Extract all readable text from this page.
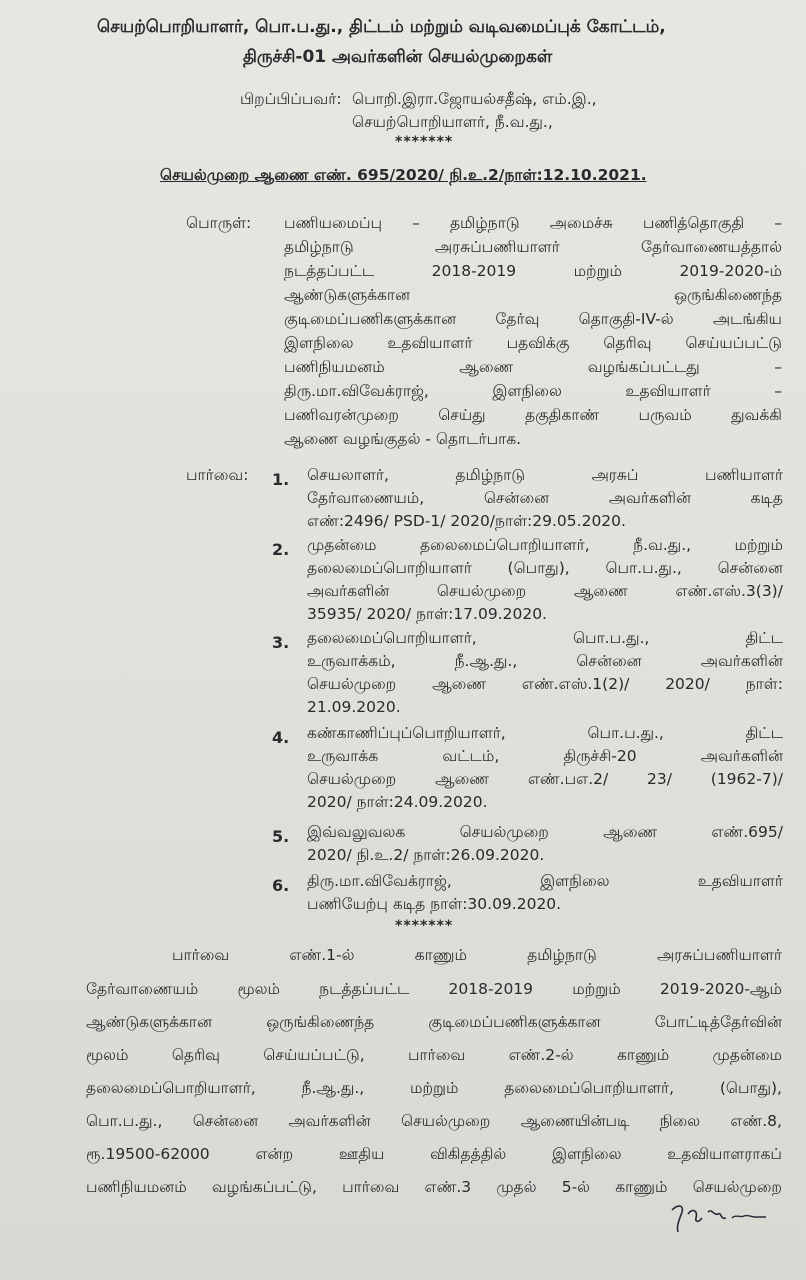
செயற்பொறியாளர், பொ.ப.து., திட்டம் மற்றும் வடிவமைப்புக் கோட்டம்,
திருச்சி-01 அவர்களின் செயல்முறைகள்
பிறப்பிப்பவர்: பொறி.இரா.ஜோயல்சதீஷ், எம்.இ.,
செயற்பொறியாளர், நீ.வ.து.,
*******
செயல்முறை ஆணை எண். 695/2020/ நி.உ.2/நாள்:12.10.2021.
பொருள்: பணியமைப்பு – தமிழ்நாடு அமைச்சு பணித்தொகுதி –
தமிழ்நாடு	அரசுப்பணியாளர்	தேர்வாணையத்தால்
நடத்தப்பட்ட	2018-2019	மற்றும்	2019-2020-ம்
ஆண்டுகளுக்கான	ஒருங்கிணைந்த
குடிமைப்பணிகளுக்கான	தேர்வு	தொகுதி-IV-ல்	அடங்கிய
இளநிலை உதவியாளர் பதவிக்கு தெரிவு செய்யப்பட்டு
பணிநியமனம்	ஆணை	வழங்கப்பட்டது	–
திரு.மா.விவேக்ராஜ்,	இளநிலை	உதவியாளர்	–
பணிவரன்முறை	செய்து	தகுதிகாண்	பருவம்	துவக்கி
ஆணை வழங்குதல் - தொடர்பாக.
பார்வை: 1. செயலாளர்,	தமிழ்நாடு	அரசுப்	பணியாளர்
தேர்வாணையம்,	சென்னை	அவர்களின்	கடித
எண்:2496/ PSD-1/ 2020/நாள்:29.05.2020.
2. முதன்மை	தலைமைப்பொறியாளர்,	நீ.வ.து.,	மற்றும்
தலைமைப்பொறியாளர் (பொது), பொ.ப.து., சென்னை
அவர்களின்	செயல்முறை	ஆணை	எண்.எஸ்.3(3)/
35935/ 2020/ நாள்:17.09.2020.
3. தலைமைப்பொறியாளர்,	பொ.ப.து.,	திட்ட
உருவாக்கம்,	நீ.ஆ.து.,	சென்னை	அவர்களின்
செயல்முறை ஆணை எண்.எஸ்.1(2)/ 2020/ நாள்:
21.09.2020.
4. கண்காணிப்புப்பொறியாளர்,	பொ.ப.து.,	திட்ட
உருவாக்க	வட்டம்,	திருச்சி-20	அவர்களின்
செயல்முறை	ஆணை	எண்.பஎ.2/	23/	(1962-7)/
2020/ நாள்:24.09.2020.
5. இவ்வலுவலக	செயல்முறை	ஆணை	எண்.695/
2020/ நி.உ.2/ நாள்:26.09.2020.
6. திரு.மா.விவேக்ராஜ்,	இளநிலை	உதவியாளர்
பணியேற்பு கடித நாள்:30.09.2020.
*******
பார்வை	எண்.1-ல்	காணும்	தமிழ்நாடு	அரசுப்பணியாளர்
தேர்வாணையம்	மூலம்	நடத்தப்பட்ட	2018-2019	மற்றும்	2019-2020-ஆம்
ஆண்டுகளுக்கான	ஒருங்கிணைந்த	குடிமைப்பணிகளுக்கான	போட்டித்தேர்வின்
மூலம்	தெரிவு	செய்யப்பட்டு,	பார்வை	எண்.2-ல்	காணும்	முதன்மை
தலைமைப்பொறியாளர்,	நீ.ஆ.து.,	மற்றும்	தலைமைப்பொறியாளர்,	(பொது),
பொ.ப.து., சென்னை அவர்களின் செயல்முறை ஆணையின்படி நிலை எண்.8,
ரூ.19500-62000	என்ற	ஊதிய	விகிதத்தில்	இளநிலை	உதவியாளராகப்
பணிநியமனம் வழங்கப்பட்டு, பார்வை எண்.3 முதல் 5-ல் காணும் செயல்முறை
